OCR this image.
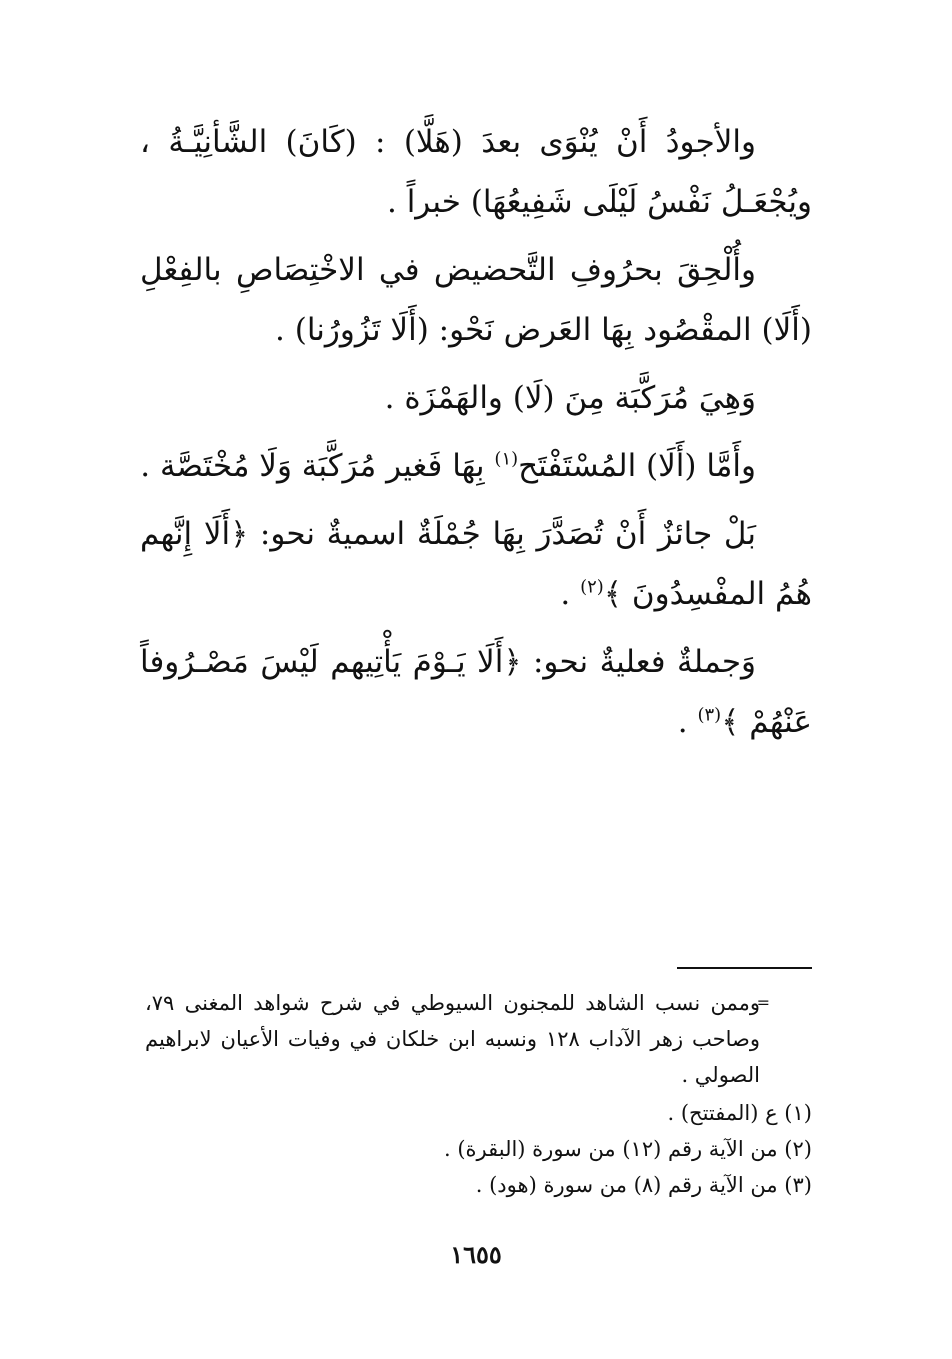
والأجودُ أَنْ يُنْوَى بعدَ (هَلَّا) : (كَانَ) الشَّأنِيَّـةُ ، ويُجْعَـلُ نَفْسُ لَيْلَى شَفِيعُهَا) خبراً .

وأُلْحِقَ بحرُوفِ التَّحضيض في الاخْتِصَاصِ بالفِعْلِ (أَلَا) المقْصُود بِهَا العَرض نَحْو: (أَلَا تَزُورُنا) .

وَهِيَ مُرَكَّبَة مِنَ (لَا) والهَمْزَة .

وأَمَّا (أَلَا) المُسْتَفْتَح$^{(١)}$ بِهَا فَغير مُرَكَّبَة وَلَا مُخْتَصَّة .

بَلْ جائزٌ أَنْ تُصَدَّرَ بِهَا جُمْلَةٌ اسميةٌ نحو: ﴿أَلَا إِنَّهم هُمُ المفْسِدُونَ ﴾$^{(٢)}$ .

وَجملةٌ فعليةٌ نحو: ﴿أَلَا يَـوْمَ يَأْتِيهم لَيْسَ مَصْـرُوفاً عَنْهُمْ ﴾$^{(٣)}$ .

=
وممن نسب الشاهد للمجنون السيوطي في شرح شواهد المغنى ٧٩، وصاحب زهر الآداب ١٢٨ ونسبه ابن خلكان في وفيات الأعيان لابراهيم الصولي .

(١) ع (المفتتح) .

(٢) من الآية رقم (١٢) من سورة (البقرة) .

(٣) من الآية رقم (٨) من سورة (هود) .

١٦٥٥
